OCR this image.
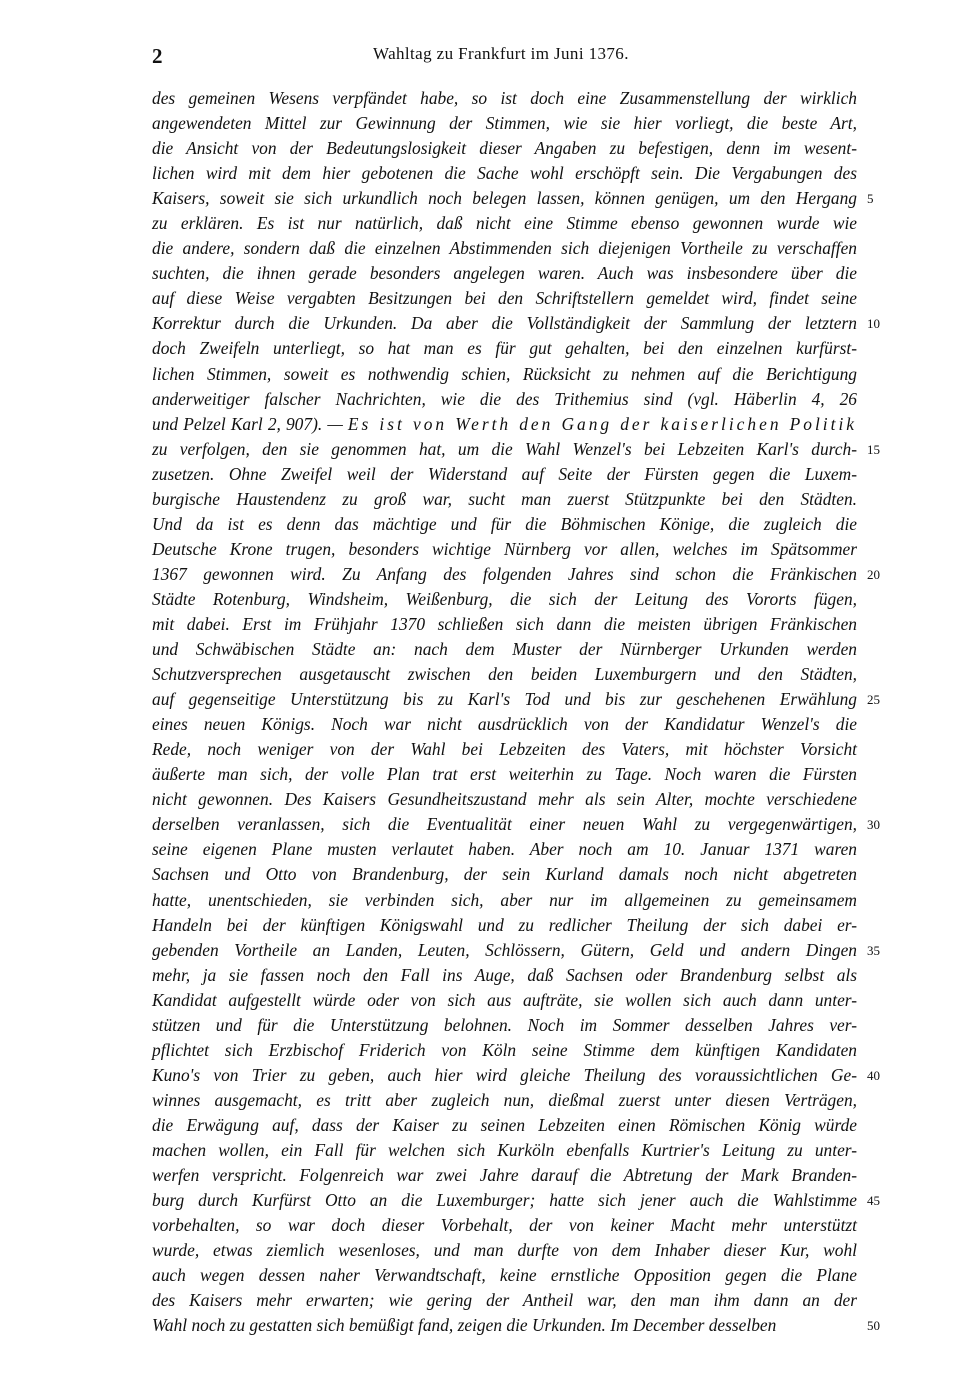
2	Wahltag zu Frankfurt im Juni 1376.
des gemeinen Wesens verpfändet habe, so ist doch eine Zusammenstellung der wirklich
angewendeten Mittel zur Gewinnung der Stimmen, wie sie hier vorliegt, die beste Art,
die Ansicht von der Bedeutungslosigkeit dieser Angaben zu befestigen, denn im wesent-
lichen wird mit dem hier gebotenen die Sache wohl erschöpft sein. Die Vergabungen des
Kaisers, soweit sie sich urkundlich noch belegen lassen, können genügen, um den Hergang 5
zu erklären. Es ist nur natürlich, daß nicht eine Stimme ebenso gewonnen wurde wie
die andere, sondern daß die einzelnen Abstimmenden sich diejenigen Vortheile zu verschaffen
suchten, die ihnen gerade besonders angelegen waren. Auch was insbesondere über die
auf diese Weise vergabten Besitzungen bei den Schriftstellern gemeldet wird, findet seine
Korrektur durch die Urkunden. Da aber die Vollständigkeit der Sammlung der letztern 10
doch Zweifeln unterliegt, so hat man es für gut gehalten, bei den einzelnen kurfürst-
lichen Stimmen, soweit es nothwendig schien, Rücksicht zu nehmen auf die Berichtigung
anderweitiger falscher Nachrichten, wie die des Trithemius sind (vgl. Häberlin 4, 26
und Pelzel Karl 2, 907). — Es ist von Werth den Gang der kaiserlichen Politik
zu verfolgen, den sie genommen hat, um die Wahl Wenzel's bei Lebzeiten Karl's durch- 15
zusetzen. Ohne Zweifel weil der Widerstand auf Seite der Fürsten gegen die Luxem-
burgische Haustendenz zu groß war, sucht man zuerst Stützpunkte bei den Städten.
Und da ist es denn das mächtige und für die Böhmischen Könige, die zugleich die
Deutsche Krone trugen, besonders wichtige Nürnberg vor allen, welches im Spätsommer
1367 gewonnen wird. Zu Anfang des folgenden Jahres sind schon die Fränkischen 20
Städte Rotenburg, Windsheim, Weißenburg, die sich der Leitung des Vororts fügen,
mit dabei. Erst im Frühjahr 1370 schließen sich dann die meisten übrigen Fränkischen
und Schwäbischen Städte an: nach dem Muster der Nürnberger Urkunden werden
Schutzversprechen ausgetauscht zwischen den beiden Luxemburgern und den Städten,
auf gegenseitige Unterstützung bis zu Karl's Tod und bis zur geschehenen Erwählung 25
eines neuen Königs. Noch war nicht ausdrücklich von der Kandidatur Wenzel's die
Rede, noch weniger von der Wahl bei Lebzeiten des Vaters, mit höchster Vorsicht
äußerte man sich, der volle Plan trat erst weiterhin zu Tage. Noch waren die Fürsten
nicht gewonnen. Des Kaisers Gesundheitszustand mehr als sein Alter, mochte verschiedene
derselben veranlassen, sich die Eventualität einer neuen Wahl zu vergegenwärtigen, 30
seine eigenen Plane musten verlautet haben. Aber noch am 10. Januar 1371 waren
Sachsen und Otto von Brandenburg, der sein Kurland damals noch nicht abgetreten
hatte, unentschieden, sie verbinden sich, aber nur im allgemeinen zu gemeinsamem
Handeln bei der künftigen Königswahl und zu redlicher Theilung der sich dabei er-
gebenden Vortheile an Landen, Leuten, Schlössern, Gütern, Geld und andern Dingen 35
mehr, ja sie fassen noch den Fall ins Auge, daß Sachsen oder Brandenburg selbst als
Kandidat aufgestellt würde oder von sich aus aufträte, sie wollen sich auch dann unter-
stützen und für die Unterstützung belohnen. Noch im Sommer desselben Jahres ver-
pflichtet sich Erzbischof Friderich von Köln seine Stimme dem künftigen Kandidaten
Kuno's von Trier zu geben, auch hier wird gleiche Theilung des voraussichtlichen Ge- 40
winnes ausgemacht, es tritt aber zugleich nun, dießmal zuerst unter diesen Verträgen,
die Erwägung auf, dass der Kaiser zu seinen Lebzeiten einen Römischen König würde
machen wollen, ein Fall für welchen sich Kurköln ebenfalls Kurtrier's Leitung zu unter-
werfen verspricht. Folgenreich war zwei Jahre darauf die Abtretung der Mark Branden-
burg durch Kurfürst Otto an die Luxemburger; hatte sich jener auch die Wahlstimme 45
vorbehalten, so war doch dieser Vorbehalt, der von keiner Macht mehr unterstützt
wurde, etwas ziemlich wesenloses, und man durfte von dem Inhaber dieser Kur, wohl
auch wegen dessen naher Verwandtschaft, keine ernstliche Opposition gegen die Plane
des Kaisers mehr erwarten; wie gering der Antheil war, den man ihm dann an der
Wahl noch zu gestatten sich bemüßigt fand, zeigen die Urkunden. Im December desselben	50
